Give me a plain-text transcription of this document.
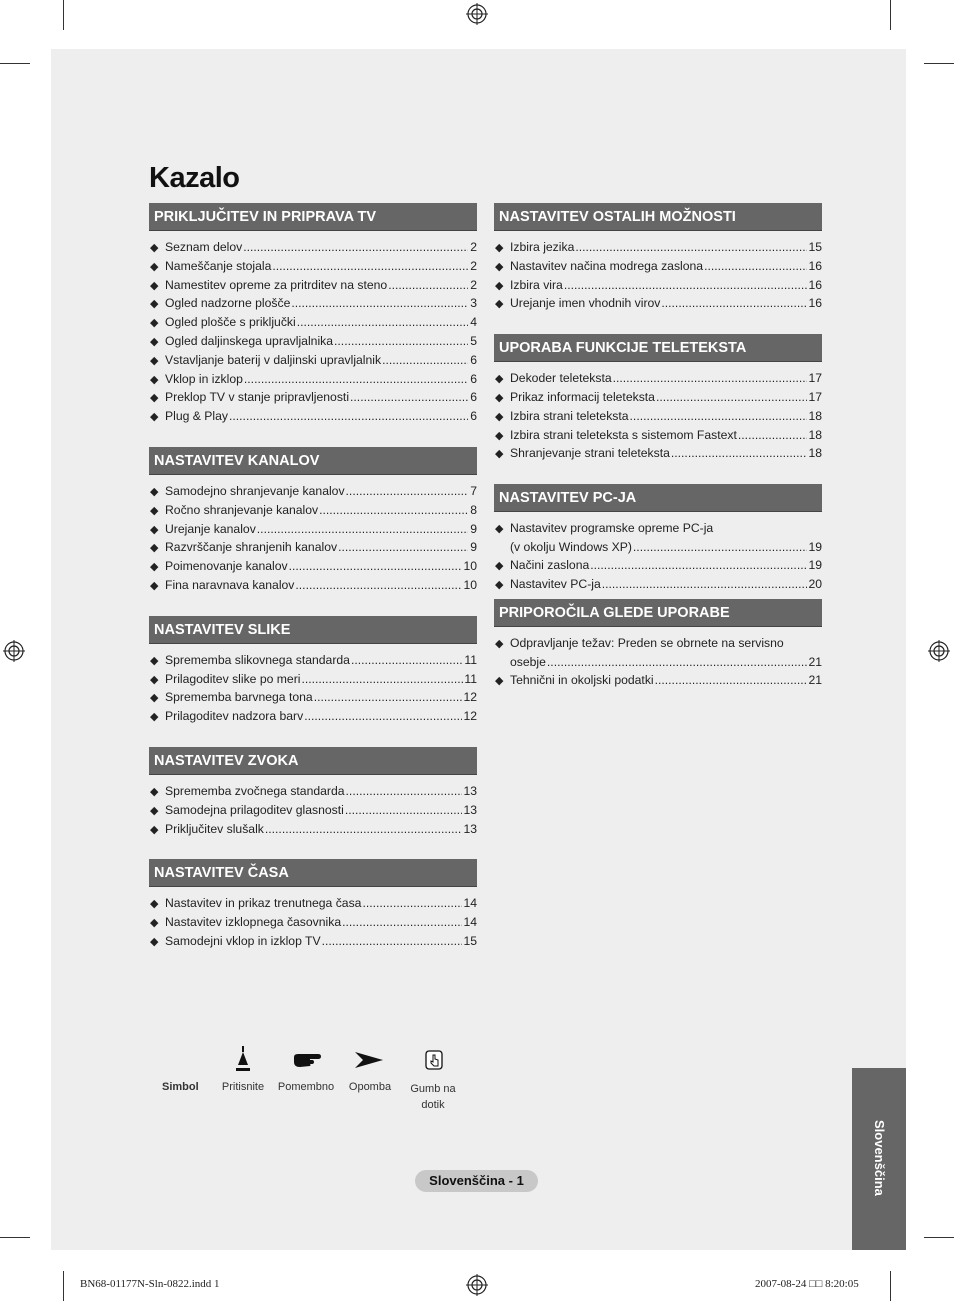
Kazalo
PRIKLJUČITEV IN PRIPRAVA TV
◆ Seznam delov .....	2
◆ Nameščanje stojala .....	2
◆ Namestitev opreme za pritrditev na steno .....	2
◆ Ogled nadzorne plošče .....	3
◆ Ogled plošče s priključki .....	4
◆ Ogled daljinskega upravljalnika .....	5
◆ Vstavljanje baterij v daljinski upravljalnik .....	6
◆ Vklop in izklop .....	6
◆ Preklop TV v stanje pripravljenosti .....	6
◆ Plug & Play .....	6
NASTAVITEV KANALOV
◆ Samodejno shranjevanje kanalov .....	7
◆ Ročno shranjevanje kanalov .....	8
◆ Urejanje kanalov .....	9
◆ Razvrščanje shranjenih kanalov .....	9
◆ Poimenovanje kanalov .....	10
◆ Fina naravnava kanalov .....	10
NASTAVITEV SLIKE
◆ Sprememba slikovnega standarda .....	11
◆ Prilagoditev slike po meri .....	11
◆ Sprememba barvnega tona .....	12
◆ Prilagoditev nadzora barv .....	12
NASTAVITEV ZVOKA
◆ Sprememba zvočnega standarda .....	13
◆ Samodejna prilagoditev glasnosti .....	13
◆ Priključitev slušalk .....	13
NASTAVITEV ČASA
◆ Nastavitev in prikaz trenutnega časa .....	14
◆ Nastavitev izklopnega časovnika .....	14
◆ Samodejni vklop in izklop TV .....	15
NASTAVITEV OSTALIH MOŽNOSTI
◆ Izbira jezika .....	15
◆ Nastavitev načina modrega zaslona .....	16
◆ Izbira vira .....	16
◆ Urejanje imen vhodnih virov .....	16
UPORABA FUNKCIJE TELETEKSTA
◆ Dekoder teleteksta .....	17
◆ Prikaz informacij teleteksta .....	17
◆ Izbira strani teleteksta .....	18
◆ Izbira strani teleteksta s sistemom Fastext .....	18
◆ Shranjevanje strani teleteksta .....	18
NASTAVITEV PC-JA
◆ Nastavitev programske opreme PC-ja
(v okolju Windows XP) .....	19
◆ Načini zaslona .....	19
◆ Nastavitev PC-ja .....	20
PRIPOROČILA GLEDE UPORABE
◆ Odpravljanje težav: Preden se obrnete na servisno
osebje .....	21
◆ Tehnični in okoljski podatki .....	21
Simbol	Pritisnite	Pomembno	Opomba	Gumb na dotik
Slovenščina
Slovenščina - 1
BN68-01177N-Sln-0822.indd 1	2007-08-24 □□ 8:20:05
